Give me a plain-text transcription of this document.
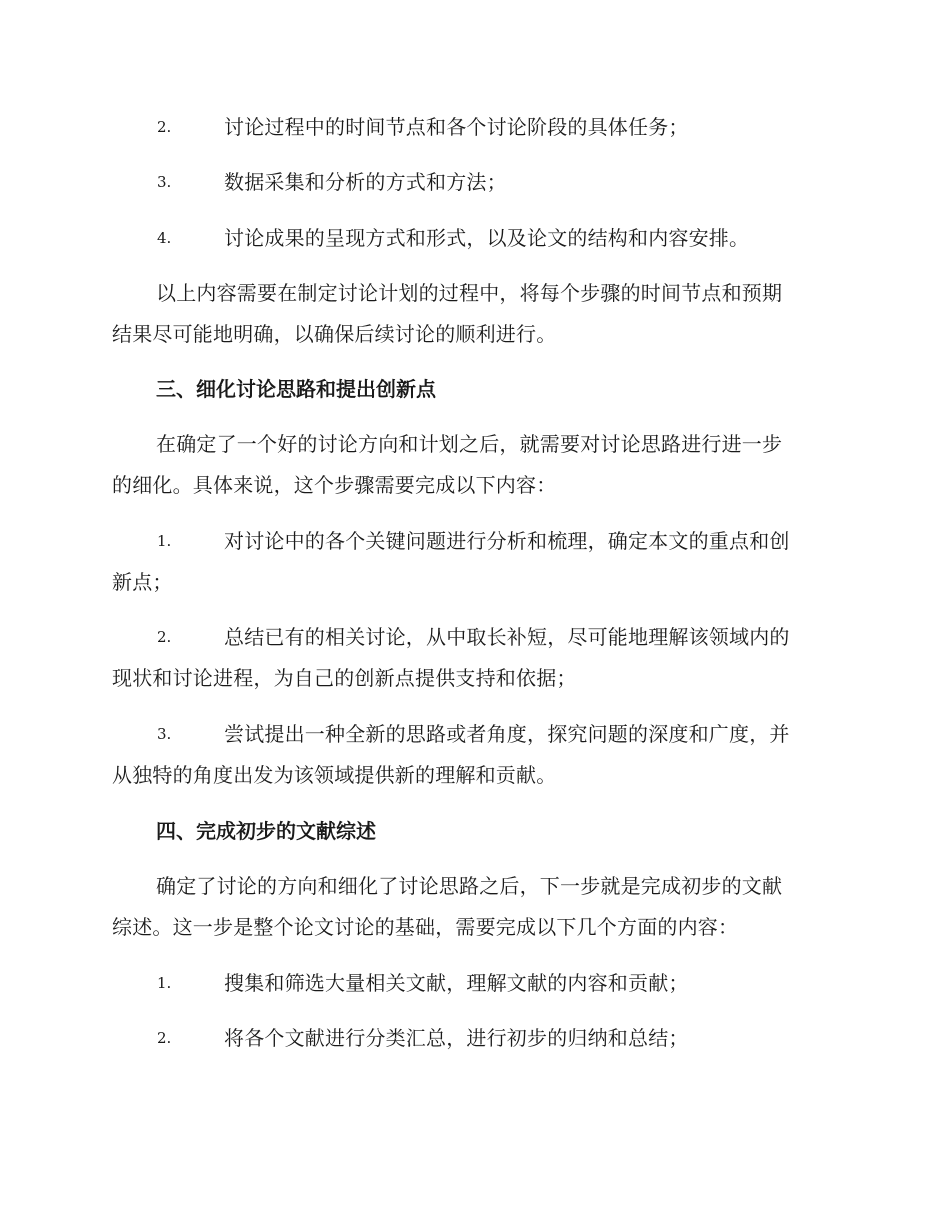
2.	讨论过程中的时间节点和各个讨论阶段的具体任务；
3.	数据采集和分析的方式和方法；
4.	讨论成果的呈现方式和形式，以及论文的结构和内容安排。
以上内容需要在制定讨论计划的过程中，将每个步骤的时间节点和预期
结果尽可能地明确，以确保后续讨论的顺利进行。
三、细化讨论思路和提出创新点
在确定了一个好的讨论方向和计划之后，就需要对讨论思路进行进一步
的细化。具体来说，这个步骤需要完成以下内容：
1.	对讨论中的各个关键问题进行分析和梳理，确定本文的重点和创
新点；
2.	总结已有的相关讨论，从中取长补短，尽可能地理解该领域内的
现状和讨论进程，为自己的创新点提供支持和依据；
3.	尝试提出一种全新的思路或者角度，探究问题的深度和广度，并
从独特的角度出发为该领域提供新的理解和贡献。
四、完成初步的文献综述
确定了讨论的方向和细化了讨论思路之后，下一步就是完成初步的文献
综述。这一步是整个论文讨论的基础，需要完成以下几个方面的内容：
1.	搜集和筛选大量相关文献，理解文献的内容和贡献；
2.	将各个文献进行分类汇总，进行初步的归纳和总结；
